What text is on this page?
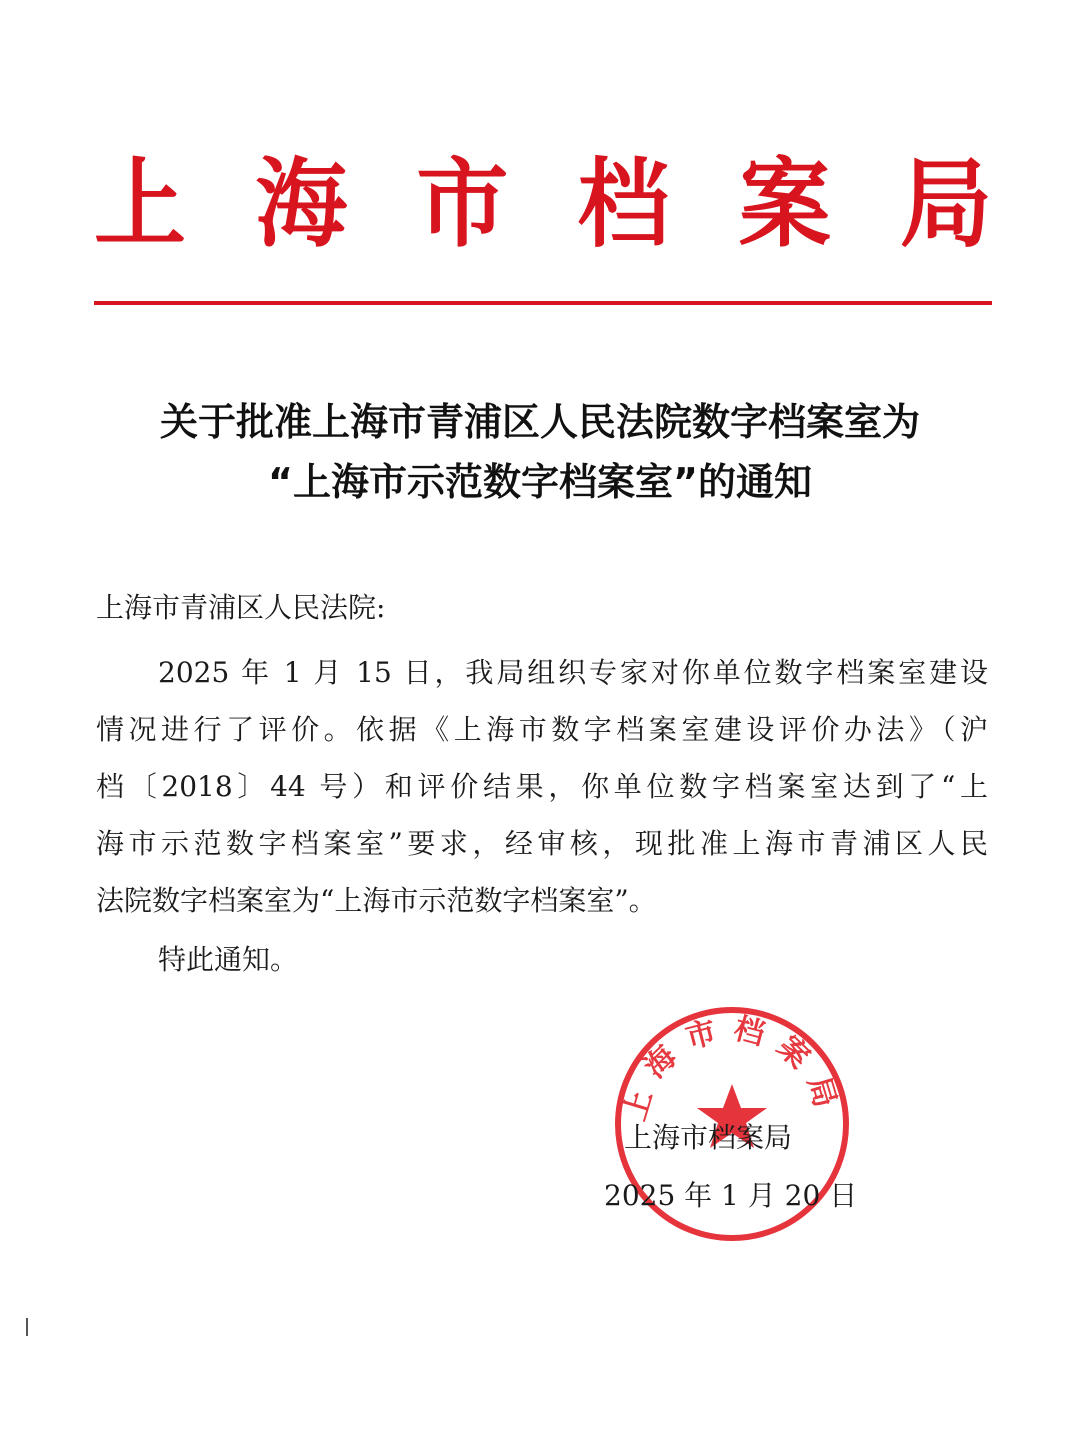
上 海 市 档 案 局
关于批准上海市青浦区人民法院数字档案室为
“上海市示范数字档案室”的通知
上海市青浦区人民法院:
2025 年 1 月 15 日，我局组织专家对你单位数字档案室建设
情况进行了评价。依据《上海市数字档案室建设评价办法》（沪
档〔2018〕44 号）和评价结果，你单位数字档案室达到了“上
海市示范数字档案室”要求，经审核，现批准上海市青浦区人民
法院数字档案室为“上海市示范数字档案室”。
特此通知。
上海市档案局
上海市档案局
2025 年 1 月 20 日
